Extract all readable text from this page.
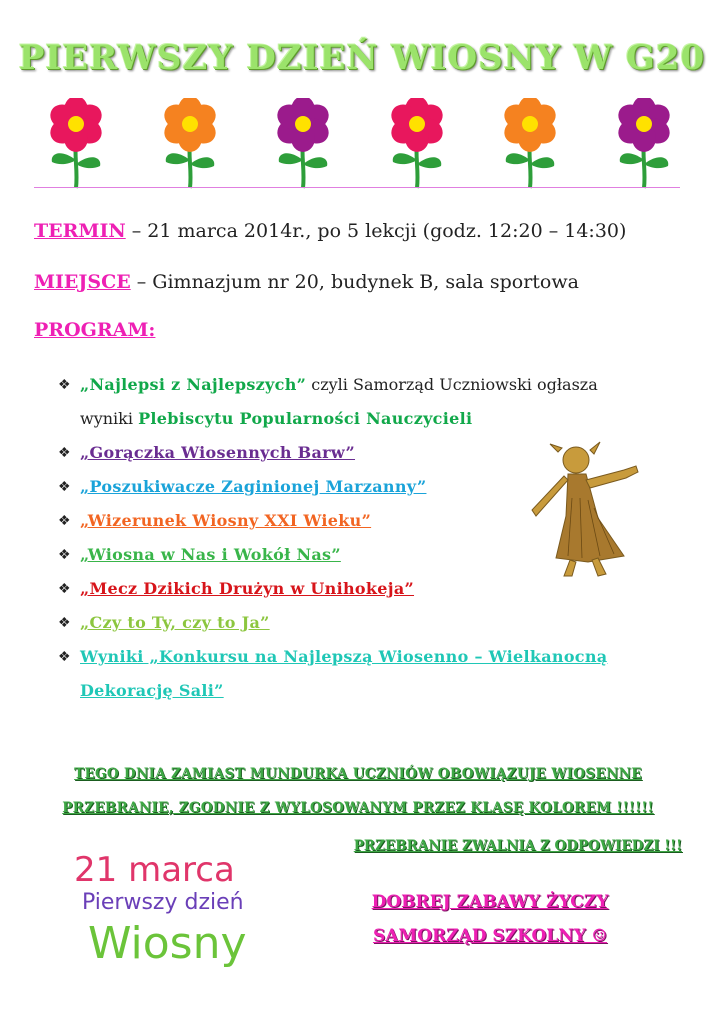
PIERWSZY DZIEŃ WIOSNY W G20
TERMIN – 21 marca 2014r., po 5 lekcji (godz. 12:20 – 14:30)
MIEJSCE – Gimnazjum nr 20, budynek B, sala sportowa
PROGRAM:
❖ „Najlepsi z Najlepszych” czyli Samorząd Uczniowski ogłasza
wyniki Plebiscytu Popularności Nauczycieli
❖ „Gorączka Wiosennych Barw”
❖ „Poszukiwacze Zaginionej Marzanny”
❖ „Wizerunek Wiosny XXI Wieku”
❖ „Wiosna w Nas i Wokół Nas”
❖ „Mecz Dzikich Drużyn w Unihokeja”
❖ „Czy to Ty, czy to Ja”
❖ Wyniki „Konkursu na Najlepszą Wiosenno – Wielkanocną
Dekorację Sali”
TEGO DNIA ZAMIAST MUNDURKA UCZNIÓW OBOWIĄZUJE WIOSENNE
PRZEBRANIE, ZGODNIE Z WYLOSOWANYM PRZEZ KLASĘ KOLOREM !!!!!!
PRZEBRANIE ZWALNIA Z ODPOWIEDZI !!!
21 marca
Pierwszy dzień
Wiosny
DOBREJ ZABAWY ŻYCZY
SAMORZĄD SZKOLNY ☺
